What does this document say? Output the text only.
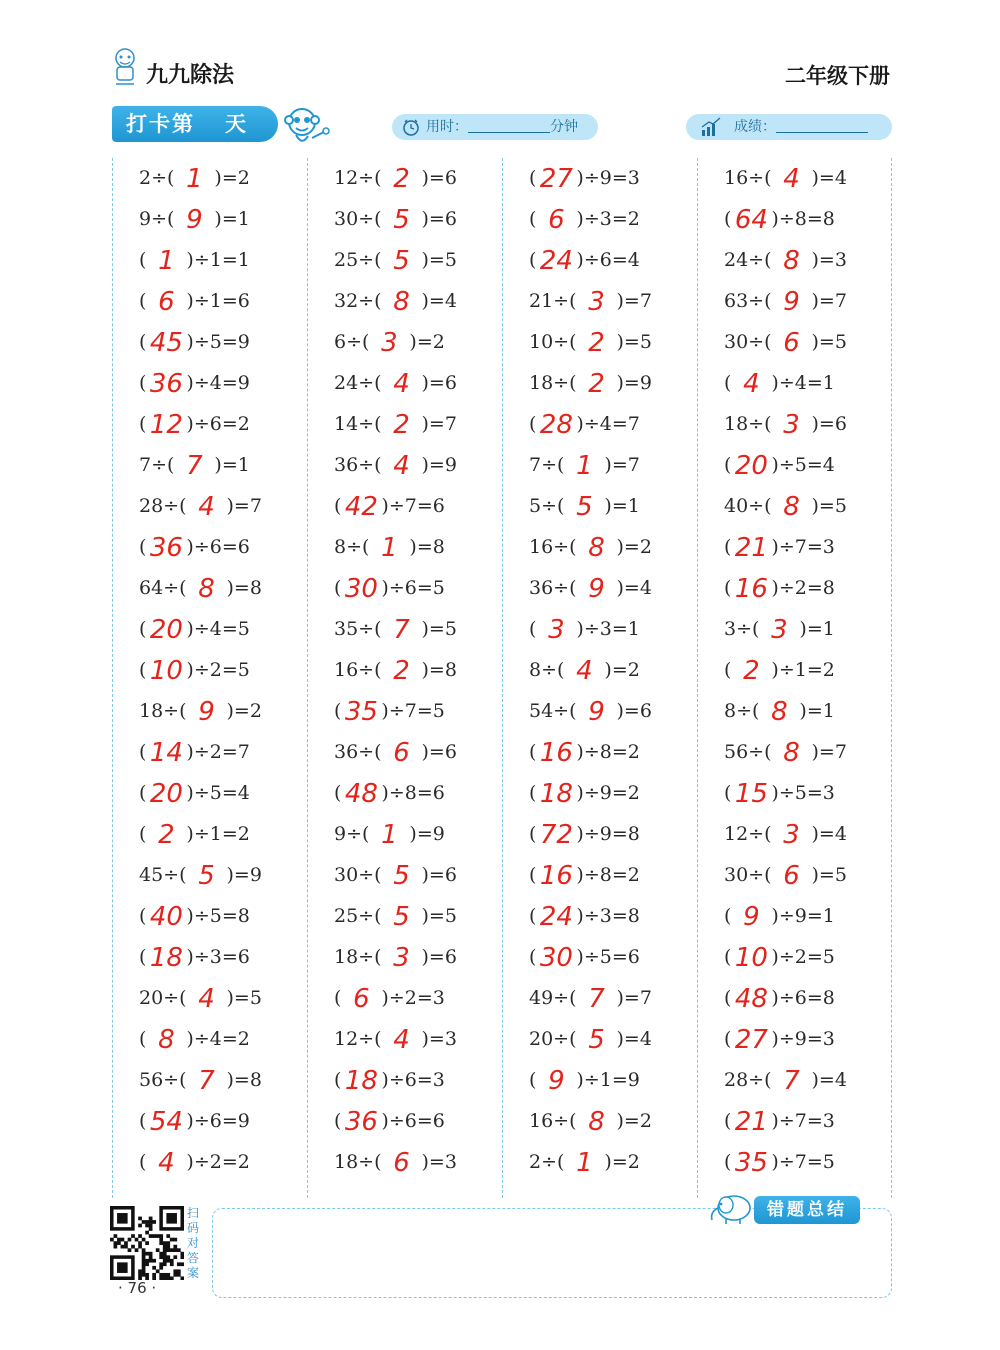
九九除法	二年级下册
打卡第 天	用时：	分钟	成绩：
2÷( 1 )=2
9÷( 9 )=1
( 1 )÷1=1
( 6 )÷1=6
( 45 )÷5=9
( 36 )÷4=9
( 12 )÷6=2
7÷( 7 )=1
28÷( 4 )=7
( 36 )÷6=6
64÷( 8 )=8
( 20 )÷4=5
( 10 )÷2=5
18÷( 9 )=2
( 14 )÷2=7
( 20 )÷5=4
( 2 )÷1=2
45÷( 5 )=9
( 40 )÷5=8
( 18 )÷3=6
20÷( 4 )=5
( 8 )÷4=2
56÷( 7 )=8
( 54 )÷6=9
( 4 )÷2=2
12÷( 2 )=6
30÷( 5 )=6
25÷( 5 )=5
32÷( 8 )=4
6÷( 3 )=2
24÷( 4 )=6
14÷( 2 )=7
36÷( 4 )=9
( 42 )÷7=6
8÷( 1 )=8
( 30 )÷6=5
35÷( 7 )=5
16÷( 2 )=8
( 35 )÷7=5
36÷( 6 )=6
( 48 )÷8=6
9÷( 1 )=9
30÷( 5 )=6
25÷( 5 )=5
18÷( 3 )=6
( 6 )÷2=3
12÷( 4 )=3
( 18 )÷6=3
( 36 )÷6=6
18÷( 6 )=3
( 27 )÷9=3
( 6 )÷3=2
( 24 )÷6=4
21÷( 3 )=7
10÷( 2 )=5
18÷( 2 )=9
( 28 )÷4=7
7÷( 1 )=7
5÷( 5 )=1
16÷( 8 )=2
36÷( 9 )=4
( 3 )÷3=1
8÷( 4 )=2
54÷( 9 )=6
( 16 )÷8=2
( 18 )÷9=2
( 72 )÷9=8
( 16 )÷8=2
( 24 )÷3=8
( 30 )÷5=6
49÷( 7 )=7
20÷( 5 )=4
( 9 )÷1=9
16÷( 8 )=2
2÷( 1 )=2
16÷( 4 )=4
( 64 )÷8=8
24÷( 8 )=3
63÷( 9 )=7
30÷( 6 )=5
( 4 )÷4=1
18÷( 3 )=6
( 20 )÷5=4
40÷( 8 )=5
( 21 )÷7=3
( 16 )÷2=8
3÷( 3 )=1
( 2 )÷1=2
8÷( 8 )=1
56÷( 8 )=7
( 15 )÷5=3
12÷( 3 )=4
30÷( 6 )=5
( 9 )÷9=1
( 10 )÷2=5
( 48 )÷6=8
( 27 )÷9=3
28÷( 7 )=4
( 21 )÷7=3
( 35 )÷7=5
扫码对答案
· 76 ·
错题总结
